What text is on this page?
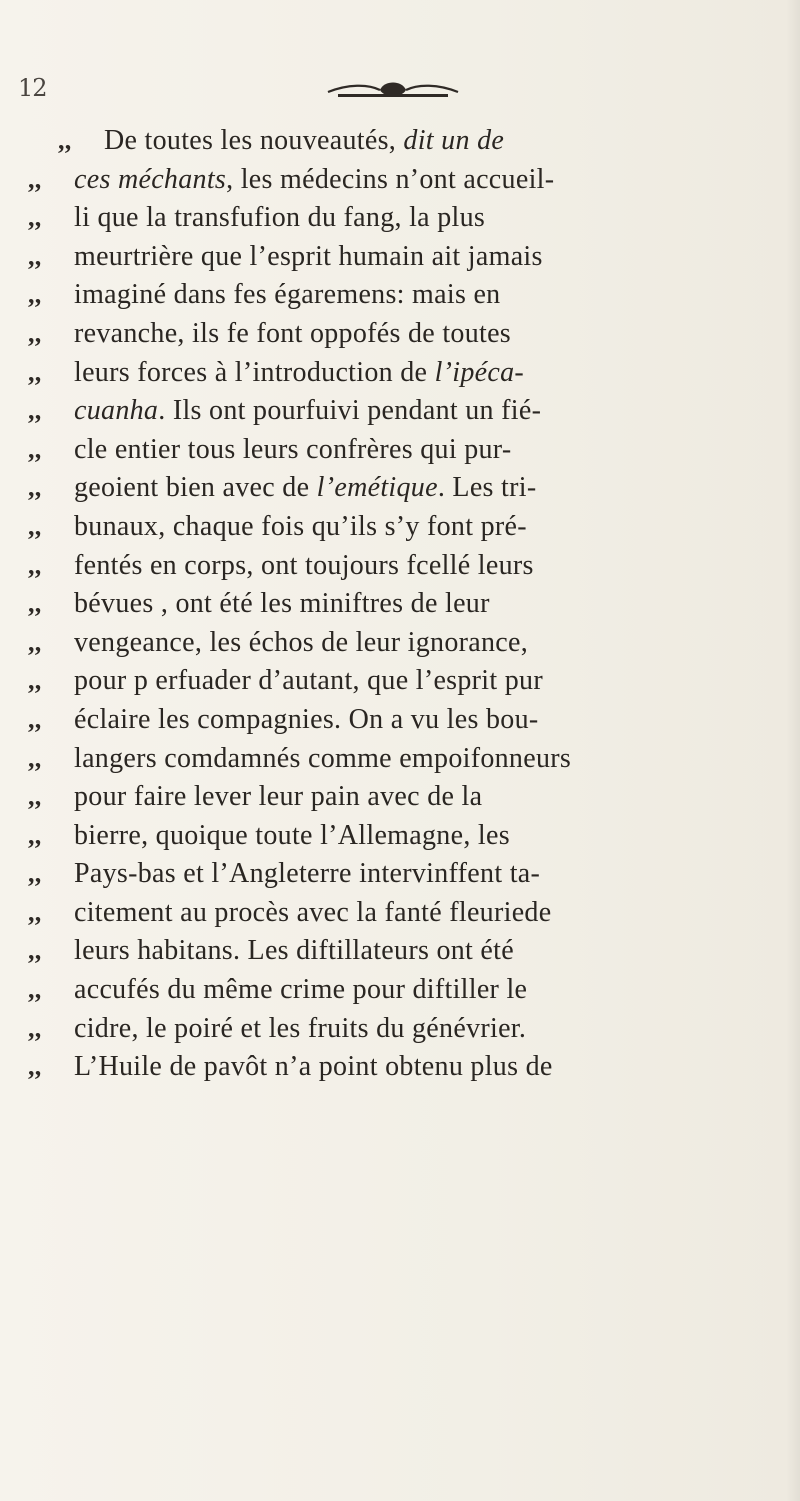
12
,, De toutes les nouveautés, dit un de
,, ces méchants, les médecins n’ont accueil-
,, li que la transfufion du fang, la plus
,, meurtrière que l’esprit humain ait jamais
,, imaginé dans fes égaremens: mais en
,, revanche, ils fe font oppofés de toutes
,, leurs forces à l’introduction de l’ipéca-
,, cuanha. Ils ont pourfuivi pendant un fié-
,, cle entier tous leurs confrères qui pur-
,, geoient bien avec de l’emétique. Les tri-
,, bunaux, chaque fois qu’ils s’y font pré-
,, fentés en corps, ont toujours fcellé leurs
,, bévues , ont été les miniftres de leur
,, vengeance, les échos de leur ignorance,
,, pour p erfuader d’autant, que l’esprit pur
,, éclaire les compagnies. On a vu les bou-
,, langers comdamnés comme empoifonneurs
,, pour faire lever leur pain avec de la
,, bierre, quoique toute l’Allemagne, les
,, Pays-bas et l’Angleterre intervinffent ta-
,, citement au procès avec la fanté fleuriede
,, leurs habitans. Les diftillateurs ont été
,, accufés du même crime pour diftiller le
,, cidre, le poiré et les fruits du génévrier.
,, L’Huile de pavôt n’a point obtenu plus de
